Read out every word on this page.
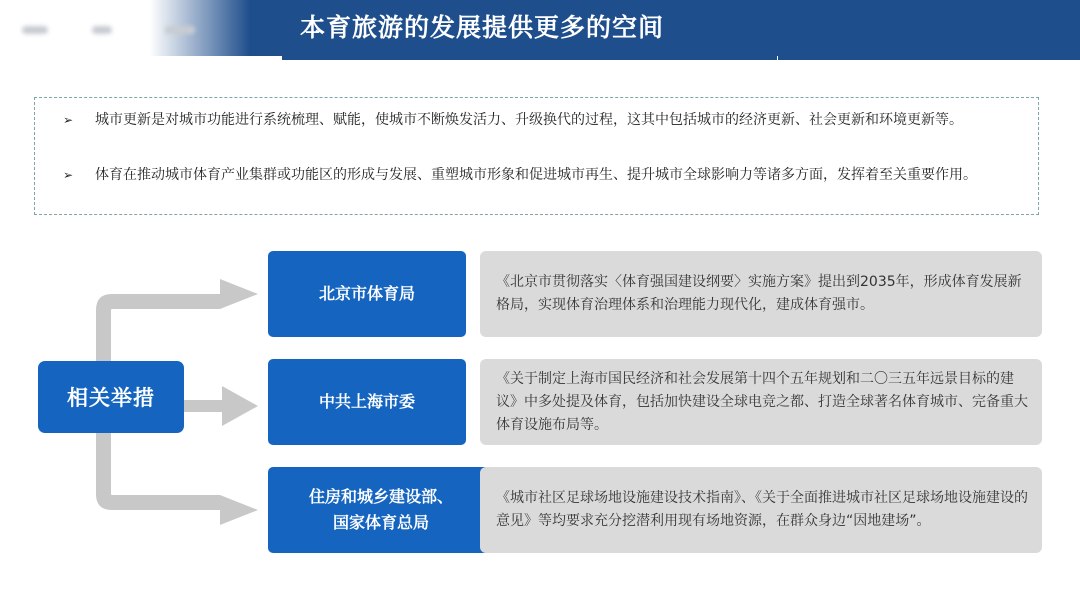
本育旅游的发展提供更多的空间
➢	城市更新是对城市功能进行系统梳理、赋能，使城市不断焕发活力、升级换代的过程，这其中包括城市的经济更新、社会更新和环境更新等。
➢	体育在推动城市体育产业集群或功能区的形成与发展、重塑城市形象和促进城市再生、提升城市全球影响力等诸多方面，发挥着至关重要作用。
相关举措
北京市体育局
《北京市贯彻落实〈体育强国建设纲要〉实施方案》提出到2035年，形成体育发展新格局，实现体育治理体系和治理能力现代化，建成体育强市。
中共上海市委
《关于制定上海市国民经济和社会发展第十四个五年规划和二〇三五年远景目标的建议》中多处提及体育，包括加快建设全球电竞之都、打造全球著名体育城市、完备重大体育设施布局等。
住房和城乡建设部、
国家体育总局
《城市社区足球场地设施建设技术指南》、《关于全面推进城市社区足球场地设施建设的意见》等均要求充分挖潜利用现有场地资源，在群众身边“因地建场”。
